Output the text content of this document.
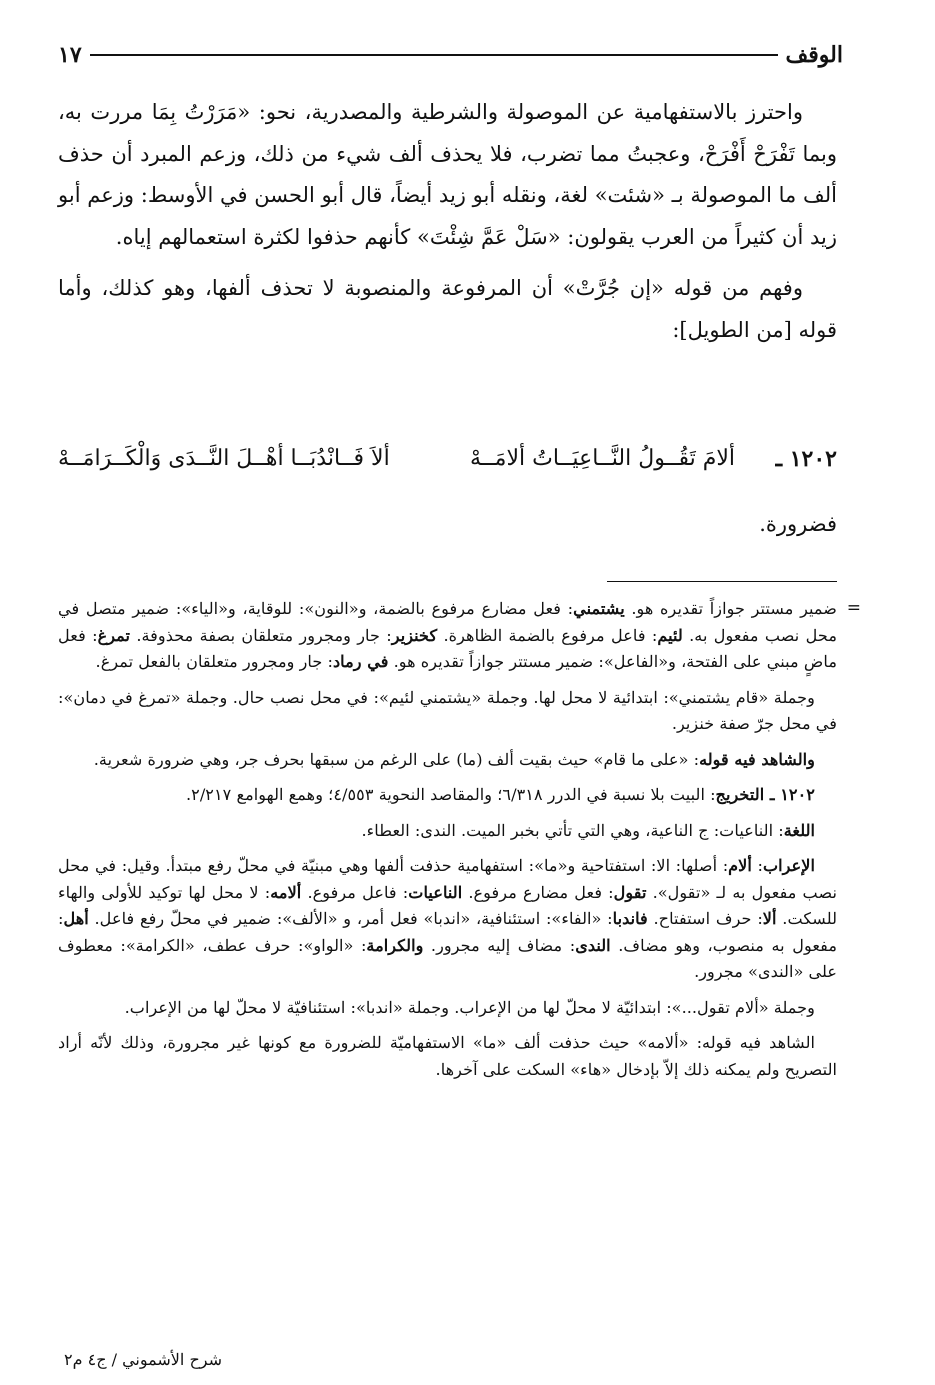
الوقف
١٧

واحترز بالاستفهامية عن الموصولة والشرطية والمصدرية، نحو: «مَرَرْتُ بِمَا مررت به، وبما تَفْرَحْ أَفْرَحْ، وعجبتُ مما تضرب، فلا يحذف ألف شيء من ذلك، وزعم المبرد أن حذف ألف ما الموصولة بـ «شئت» لغة، ونقله أبو زيد أيضاً، قال أبو الحسن في الأوسط: وزعم أبو زيد أن كثيراً من العرب يقولون: «سَلْ عَمَّ شِئْتَ» كأنهم حذفوا لكثرة استعمالهم إياه.

وفهم من قوله «إن جُرَّتْ» أن المرفوعة والمنصوبة لا تحذف ألفها، وهو كذلك، وأما قوله [من الطويل]:

١٢٠٢ ـ
ألامَ تَقُــولُ النَّــاعِيَــاتُ ألامَــهْ
ألاَ فَــانْدُبَــا أهْــلَ النَّــدَى وَالْكَــرَامَــهْ
فضرورة.
=

ضمير مستتر جوازاً تقديره هو. يشتمني: فعل مضارع مرفوع بالضمة، و«النون»: للوقاية، و«الياء»: ضمير متصل في محل نصب مفعول به. لئيم: فاعل مرفوع بالضمة الظاهرة. كخنزير: جار ومجرور متعلقان بصفة محذوفة. تمرغ: فعل ماضٍ مبني على الفتحة، و«الفاعل»: ضمير مستتر جوازاً تقديره هو. في رماد: جار ومجرور متعلقان بالفعل تمرغ.

وجملة «قام يشتمني»: ابتدائية لا محل لها. وجملة «يشتمني لئيم»: في محل نصب حال. وجملة «تمرغ في دمان»: في محل جرّ صفة خنزير.

والشاهد فيه قوله: «على ما قام» حيث بقيت ألف (ما) على الرغم من سبقها بحرف جر، وهي ضرورة شعرية.

١٢٠٢ ـ التخريج: البيت بلا نسبة في الدرر ٦/٣١٨؛ والمقاصد النحوية ٤/٥٥٣؛ وهمع الهوامع ٢/٢١٧.

اللغة: الناعيات: ج الناعية، وهي التي تأتي بخبر الميت. الندى: العطاء.

الإعراب: ألام: أصلها: الا: استفتاحية و«ما»: استفهامية حذفت ألفها وهي مبنيّة في محلّ رفع مبتدأ. وقيل: في محل نصب مفعول به لـ «تقول». تقول: فعل مضارع مرفوع. الناعيات: فاعل مرفوع. ألامه: لا محل لها توكيد للأولى والهاء للسكت. ألا: حرف استفتاح. فاندبا: «الفاء»: استئنافية، «اندبا» فعل أمر، و «الألف»: ضمير في محلّ رفع فاعل. أهل: مفعول به منصوب، وهو مضاف. الندى: مضاف إليه مجرور. والكرامة: «الواو»: حرف عطف، «الكرامة»: معطوف على «الندى» مجرور.

وجملة «ألام تقول...»: ابتدائيّة لا محلّ لها من الإعراب. وجملة «اندبا»: استئنافيّة لا محلّ لها من الإعراب.

الشاهد فيه قوله: «ألامه» حيث حذفت ألف «ما» الاستفهاميّة للضرورة مع كونها غير مجرورة، وذلك لأنّه أراد التصريح ولم يمكنه ذلك إلاّ بإدخال «هاء» السكت على آخرها.

شرح الأشموني / ج٤ م٢
